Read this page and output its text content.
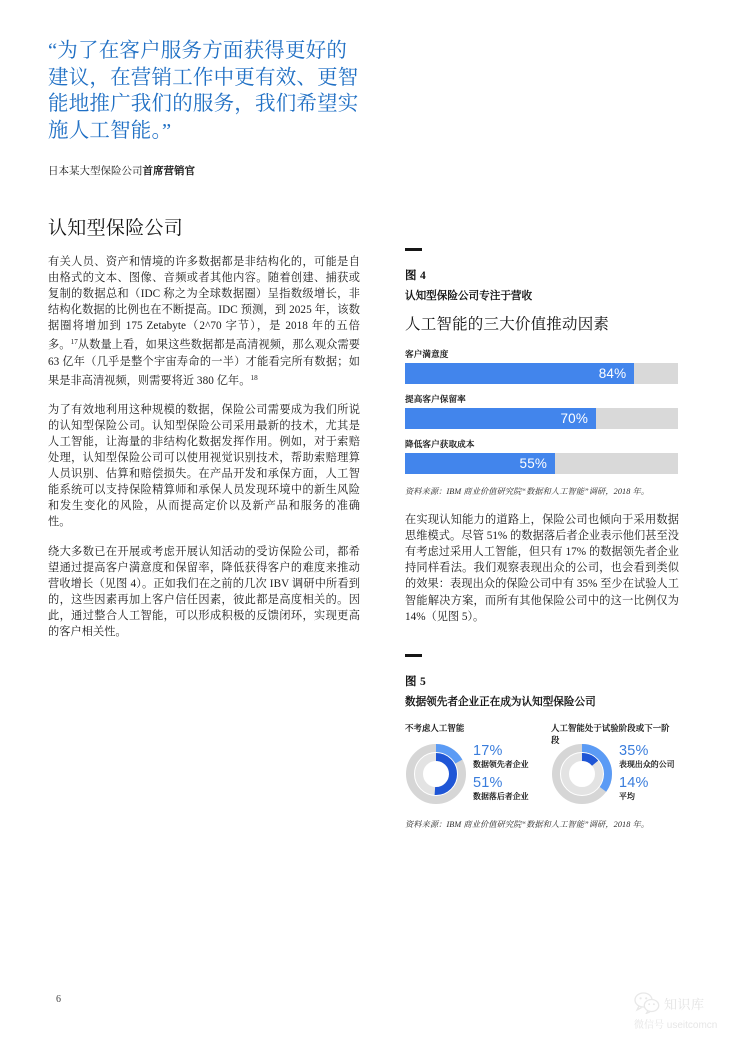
“为了在客户服务方面获得更好的建议，在营销工作中更有效、更智能地推广我们的服务，我们希望实施人工智能。”
日本某大型保险公司首席营销官
认知型保险公司
有关人员、资产和情境的许多数据都是非结构化的，可能是自由格式的文本、图像、音频或者其他内容。随着创建、捕获或复制的数据总和（IDC 称之为全球数据圈）呈指数级增长，非结构化数据的比例也在不断提高。IDC 预测，到 2025 年，该数据圈将增加到 175 Zetabyte（2^70 字节），是 2018 年的五倍多。$^{17}$从数量上看，如果这些数据都是高清视频，那么观众需要 63 亿年（几乎是整个宇宙寿命的一半）才能看完所有数据；如果是非高清视频，则需要将近 380 亿年。$^{18}$
为了有效地利用这种规模的数据，保险公司需要成为我们所说的认知型保险公司。认知型保险公司采用最新的技术，尤其是人工智能，让海量的非结构化数据发挥作用。例如，对于索赔处理，认知型保险公司可以使用视觉识别技术，帮助索赔理算人员识别、估算和赔偿损失。在产品开发和承保方面，人工智能系统可以支持保险精算师和承保人员发现环境中的新生风险和发生变化的风险，从而提高定价以及新产品和服务的准确性。
绕大多数已在开展或考虑开展认知活动的受访保险公司，都希望通过提高客户満意度和保留率，降低获得客户的难度来推动营收增长（见图 4）。正如我们在之前的几次 IBV 调研中所看到的，这些因素再加上客户信任因素，彼此都是高度相关的。因此，通过整合人工智能，可以形成积极的反馈闭环，实现更高的客户相关性。
图 4
认知型保险公司专注于营收
人工智能的三大价值推动因素
客户満意度
84%
提高客户保留率
70%
降低客户获取成本
55%
资料来源：IBM 商业价值研究院“数据和人工智能”调研，2018 年。
在实现认知能力的道路上，保险公司也倾向于采用数据思维模式。尽管 51% 的数据落后者企业表示他们甚至没有考虑过采用人工智能，但只有 17% 的数据领先者企业持同样看法。我们观察表现出众的公司，也会看到类似的效果：表现出众的保险公司中有 35% 至少在试验人工智能解决方案，而所有其他保险公司中的这一比例仅为 14%（见图 5）。
图 5
数据领先者企业正在成为认知型保险公司
不考虑人工智能
17%
数据领先者企业
51%
数据落后者企业
人工智能处于试验阶段或下一阶段
35%
表现出众的公司
14%
平均
资料来源：IBM 商业价值研究院“数据和人工智能”调研，2018 年。
6	知识库
微信号 useitcomcn
